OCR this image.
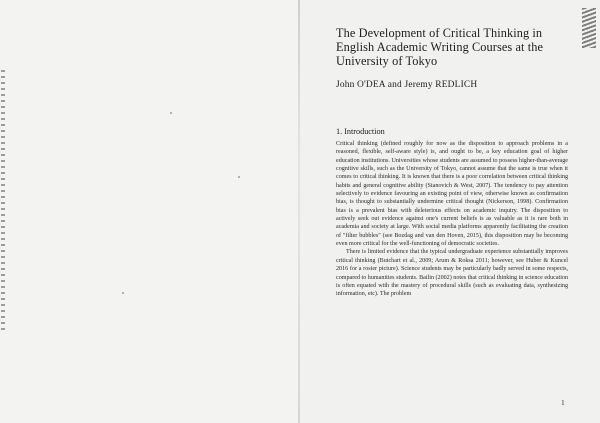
The Development of Critical Thinking in English Academic Writing Courses at the University of Tokyo
John O'DEA and Jeremy REDLICH
1. Introduction

Critical thinking (defined roughly for now as the disposition to approach problems in a reasoned, flexible, self-aware style) is, and ought to be, a key education goal of higher education institutions. Universities whose students are assumed to possess higher-than-average cognitive skills, such as the University of Tokyo, cannot assume that the same is true when it comes to critical thinking. It is known that there is a poor correlation between critical thinking habits and general cognitive ability (Stanovich & West, 2007). The tendency to pay attention selectively to evidence favouring an existing point of view, otherwise known as confirmation bias, is thought to substantially undermine critical thought (Nickerson, 1998). Confirmation bias is a prevalent bias with deleterious effects on academic inquiry. The disposition to actively seek out evidence against one's current beliefs is as valuable as it is rare both in academia and society at large. With social media platforms apparently facilitating the creation of "filter bubbles" (see Bozdag and van den Hoven, 2015), this disposition may be becoming even more critical for the well-functioning of democratic societies.

There is limited evidence that the typical undergraduate experience substantially improves critical thinking (Butchart et al., 2009; Arum & Roksa 2011; however, see Huber & Kuncel 2016 for a rosier picture). Science students may be particularly badly served in some respects, compared to humanities students. Bailin (2002) notes that critical thinking in science education is often equated with the mastery of procedural skills (such as evaluating data, synthesizing information, etc). The problem

1
